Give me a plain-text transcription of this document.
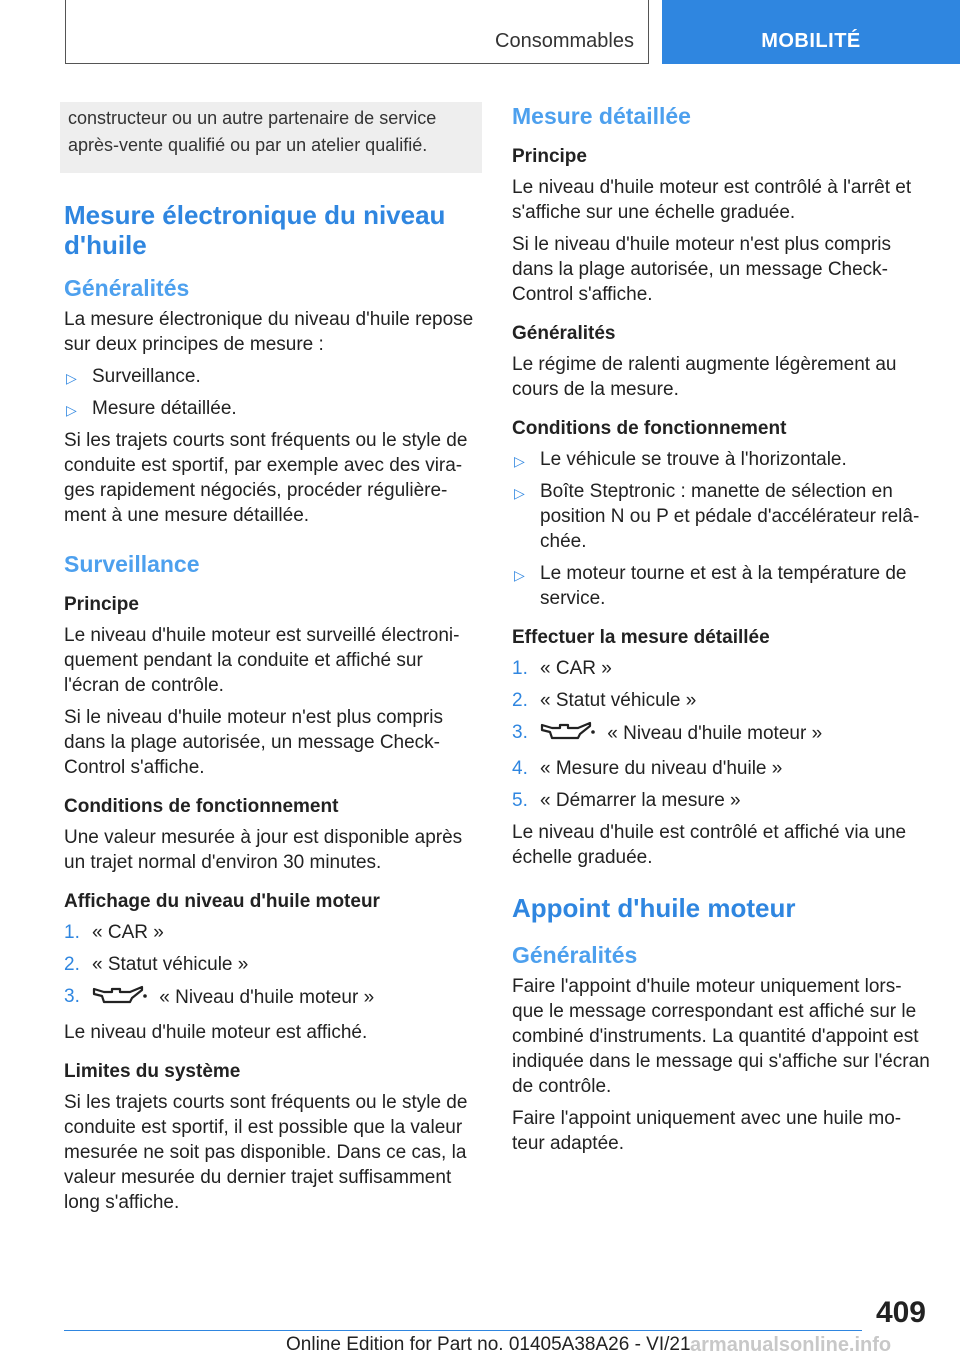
Consommables	MOBILITÉ
constructeur ou un autre partenaire de service après-vente qualifié ou par un atelier qualifié.
Mesure électronique du niveau d'huile
Généralités

La mesure électronique du niveau d'huile repose sur deux principes de mesure :

▷ Surveillance.
▷ Mesure détaillée.

Si les trajets courts sont fréquents ou le style de conduite est sportif, par exemple avec des vira- ges rapidement négociés, procéder régulière- ment à une mesure détaillée.

Surveillance
Principe

Le niveau d'huile moteur est surveillé électroni- quement pendant la conduite et affiché sur l'écran de contrôle.

Si le niveau d'huile moteur n'est plus compris dans la plage autorisée, un message Check- Control s'affiche.

Conditions de fonctionnement

Une valeur mesurée à jour est disponible après un trajet normal d'environ 30 minutes.

Affichage du niveau d'huile moteur
1. « CAR »
2. « Statut véhicule »
3.	« Niveau d'huile moteur »

Le niveau d'huile moteur est affiché.

Limites du système

Si les trajets courts sont fréquents ou le style de conduite est sportif, il est possible que la valeur mesurée ne soit pas disponible. Dans ce cas, la valeur mesurée du dernier trajet suffisamment long s'affiche.

Mesure détaillée
Principe

Le niveau d'huile moteur est contrôlé à l'arrêt et s'affiche sur une échelle graduée.

Si le niveau d'huile moteur n'est plus compris dans la plage autorisée, un message Check- Control s'affiche.

Généralités

Le régime de ralenti augmente légèrement au cours de la mesure.

Conditions de fonctionnement
▷ Le véhicule se trouve à l'horizontale.
▷ Boîte Steptronic : manette de sélection en position N ou P et pédale d'accélérateur relâ- chée.
▷ Le moteur tourne et est à la température de service.
Effectuer la mesure détaillée
1. « CAR »
2. « Statut véhicule »
3.	« Niveau d'huile moteur »
4. « Mesure du niveau d'huile »
5. « Démarrer la mesure »

Le niveau d'huile est contrôlé et affiché via une échelle graduée.

Appoint d'huile moteur
Généralités

Faire l'appoint d'huile moteur uniquement lors- que le message correspondant est affiché sur le combiné d'instruments. La quantité d'appoint est indiquée dans le message qui s'affiche sur l'écran de contrôle.

Faire l'appoint uniquement avec une huile mo- teur adaptée.

409
Online Edition for Part no. 01405A38A26 - VI/21 armanualsonline.info
